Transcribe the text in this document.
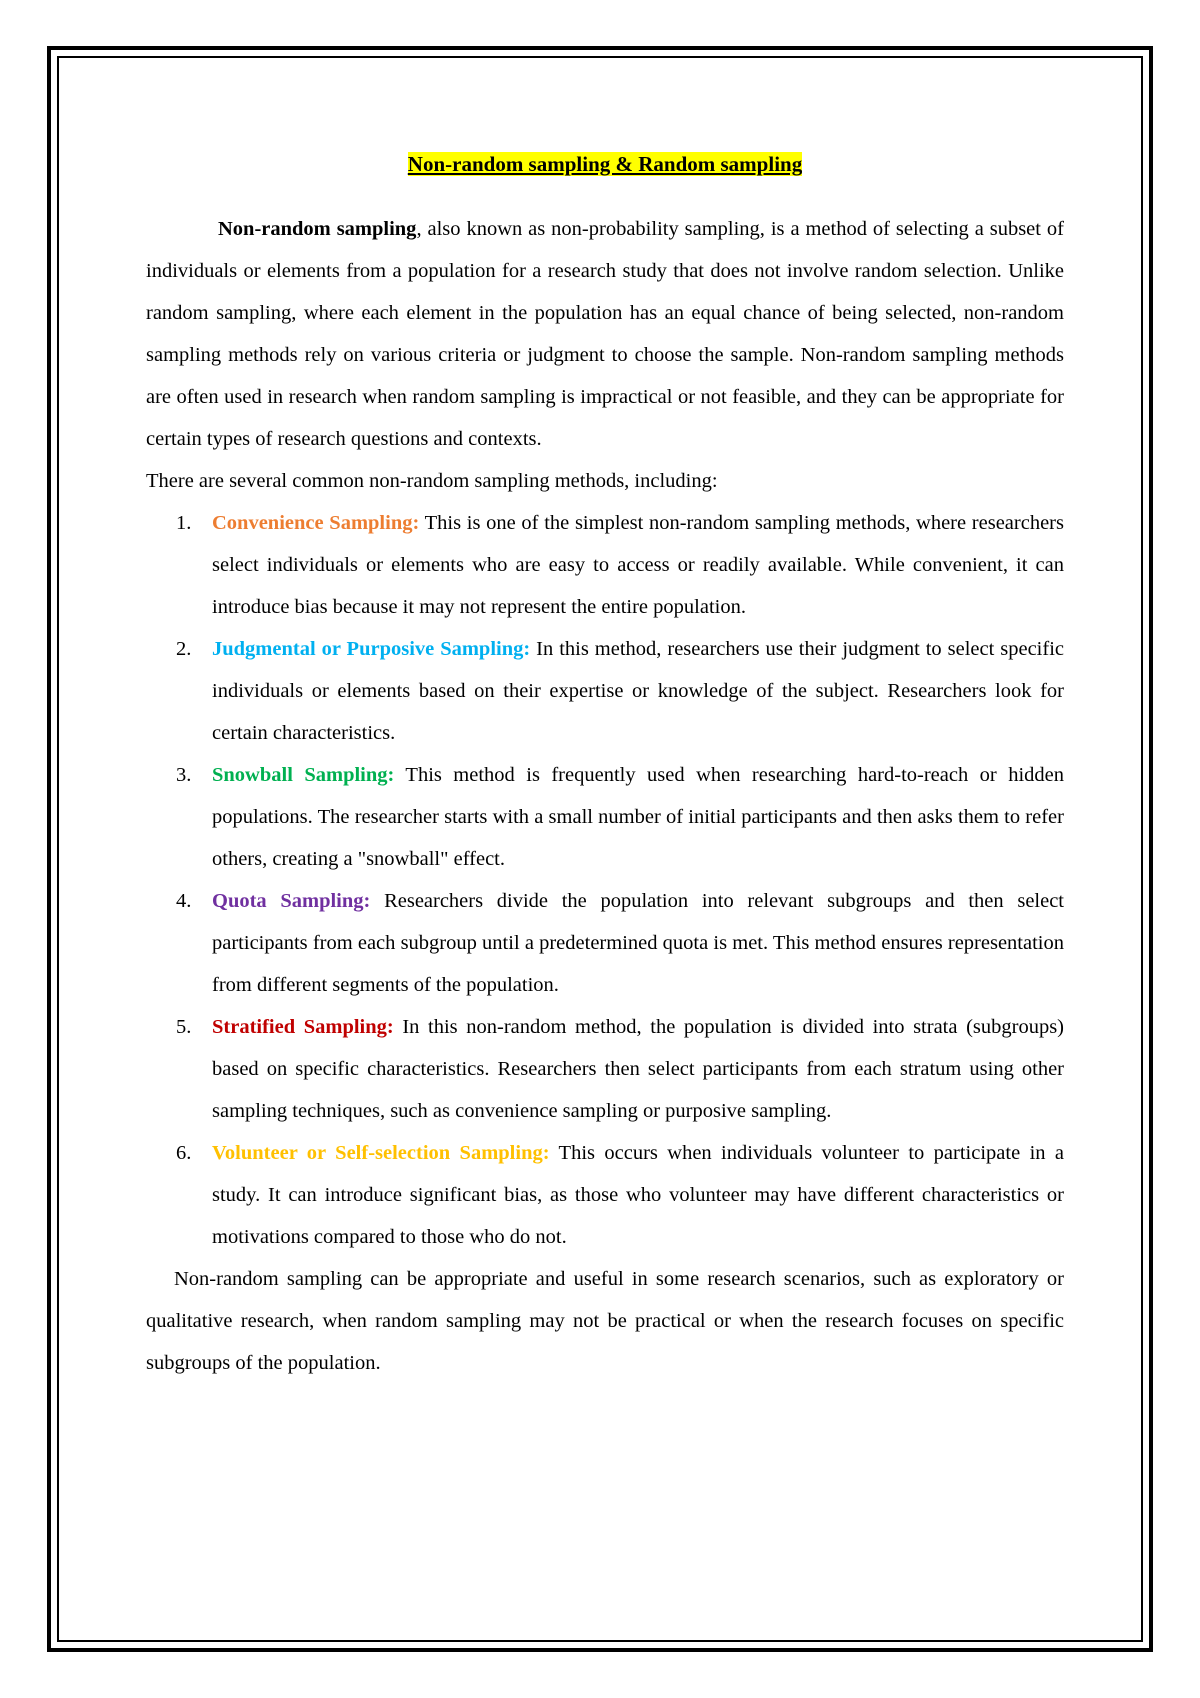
Non-random sampling & Random sampling

Non-random sampling, also known as non-probability sampling, is a method of selecting a subset of individuals or elements from a population for a research study that does not involve random selection. Unlike random sampling, where each element in the population has an equal chance of being selected, non-random sampling methods rely on various criteria or judgment to choose the sample. Non-random sampling methods are often used in research when random sampling is impractical or not feasible, and they can be appropriate for certain types of research questions and contexts.

There are several common non-random sampling methods, including:

1. Convenience Sampling: This is one of the simplest non-random sampling methods, where researchers select individuals or elements who are easy to access or readily available. While convenient, it can introduce bias because it may not represent the entire population.
2. Judgmental or Purposive Sampling: In this method, researchers use their judgment to select specific individuals or elements based on their expertise or knowledge of the subject. Researchers look for certain characteristics.
3. Snowball Sampling: This method is frequently used when researching hard-to-reach or hidden populations. The researcher starts with a small number of initial participants and then asks them to refer others, creating a "snowball" effect.
4. Quota Sampling: Researchers divide the population into relevant subgroups and then select participants from each subgroup until a predetermined quota is met. This method ensures representation from different segments of the population.
5. Stratified Sampling: In this non-random method, the population is divided into strata (subgroups) based on specific characteristics. Researchers then select participants from each stratum using other sampling techniques, such as convenience sampling or purposive sampling.
6. Volunteer or Self-selection Sampling: This occurs when individuals volunteer to participate in a study. It can introduce significant bias, as those who volunteer may have different characteristics or motivations compared to those who do not.

Non-random sampling can be appropriate and useful in some research scenarios, such as exploratory or qualitative research, when random sampling may not be practical or when the research focuses on specific subgroups of the population.
